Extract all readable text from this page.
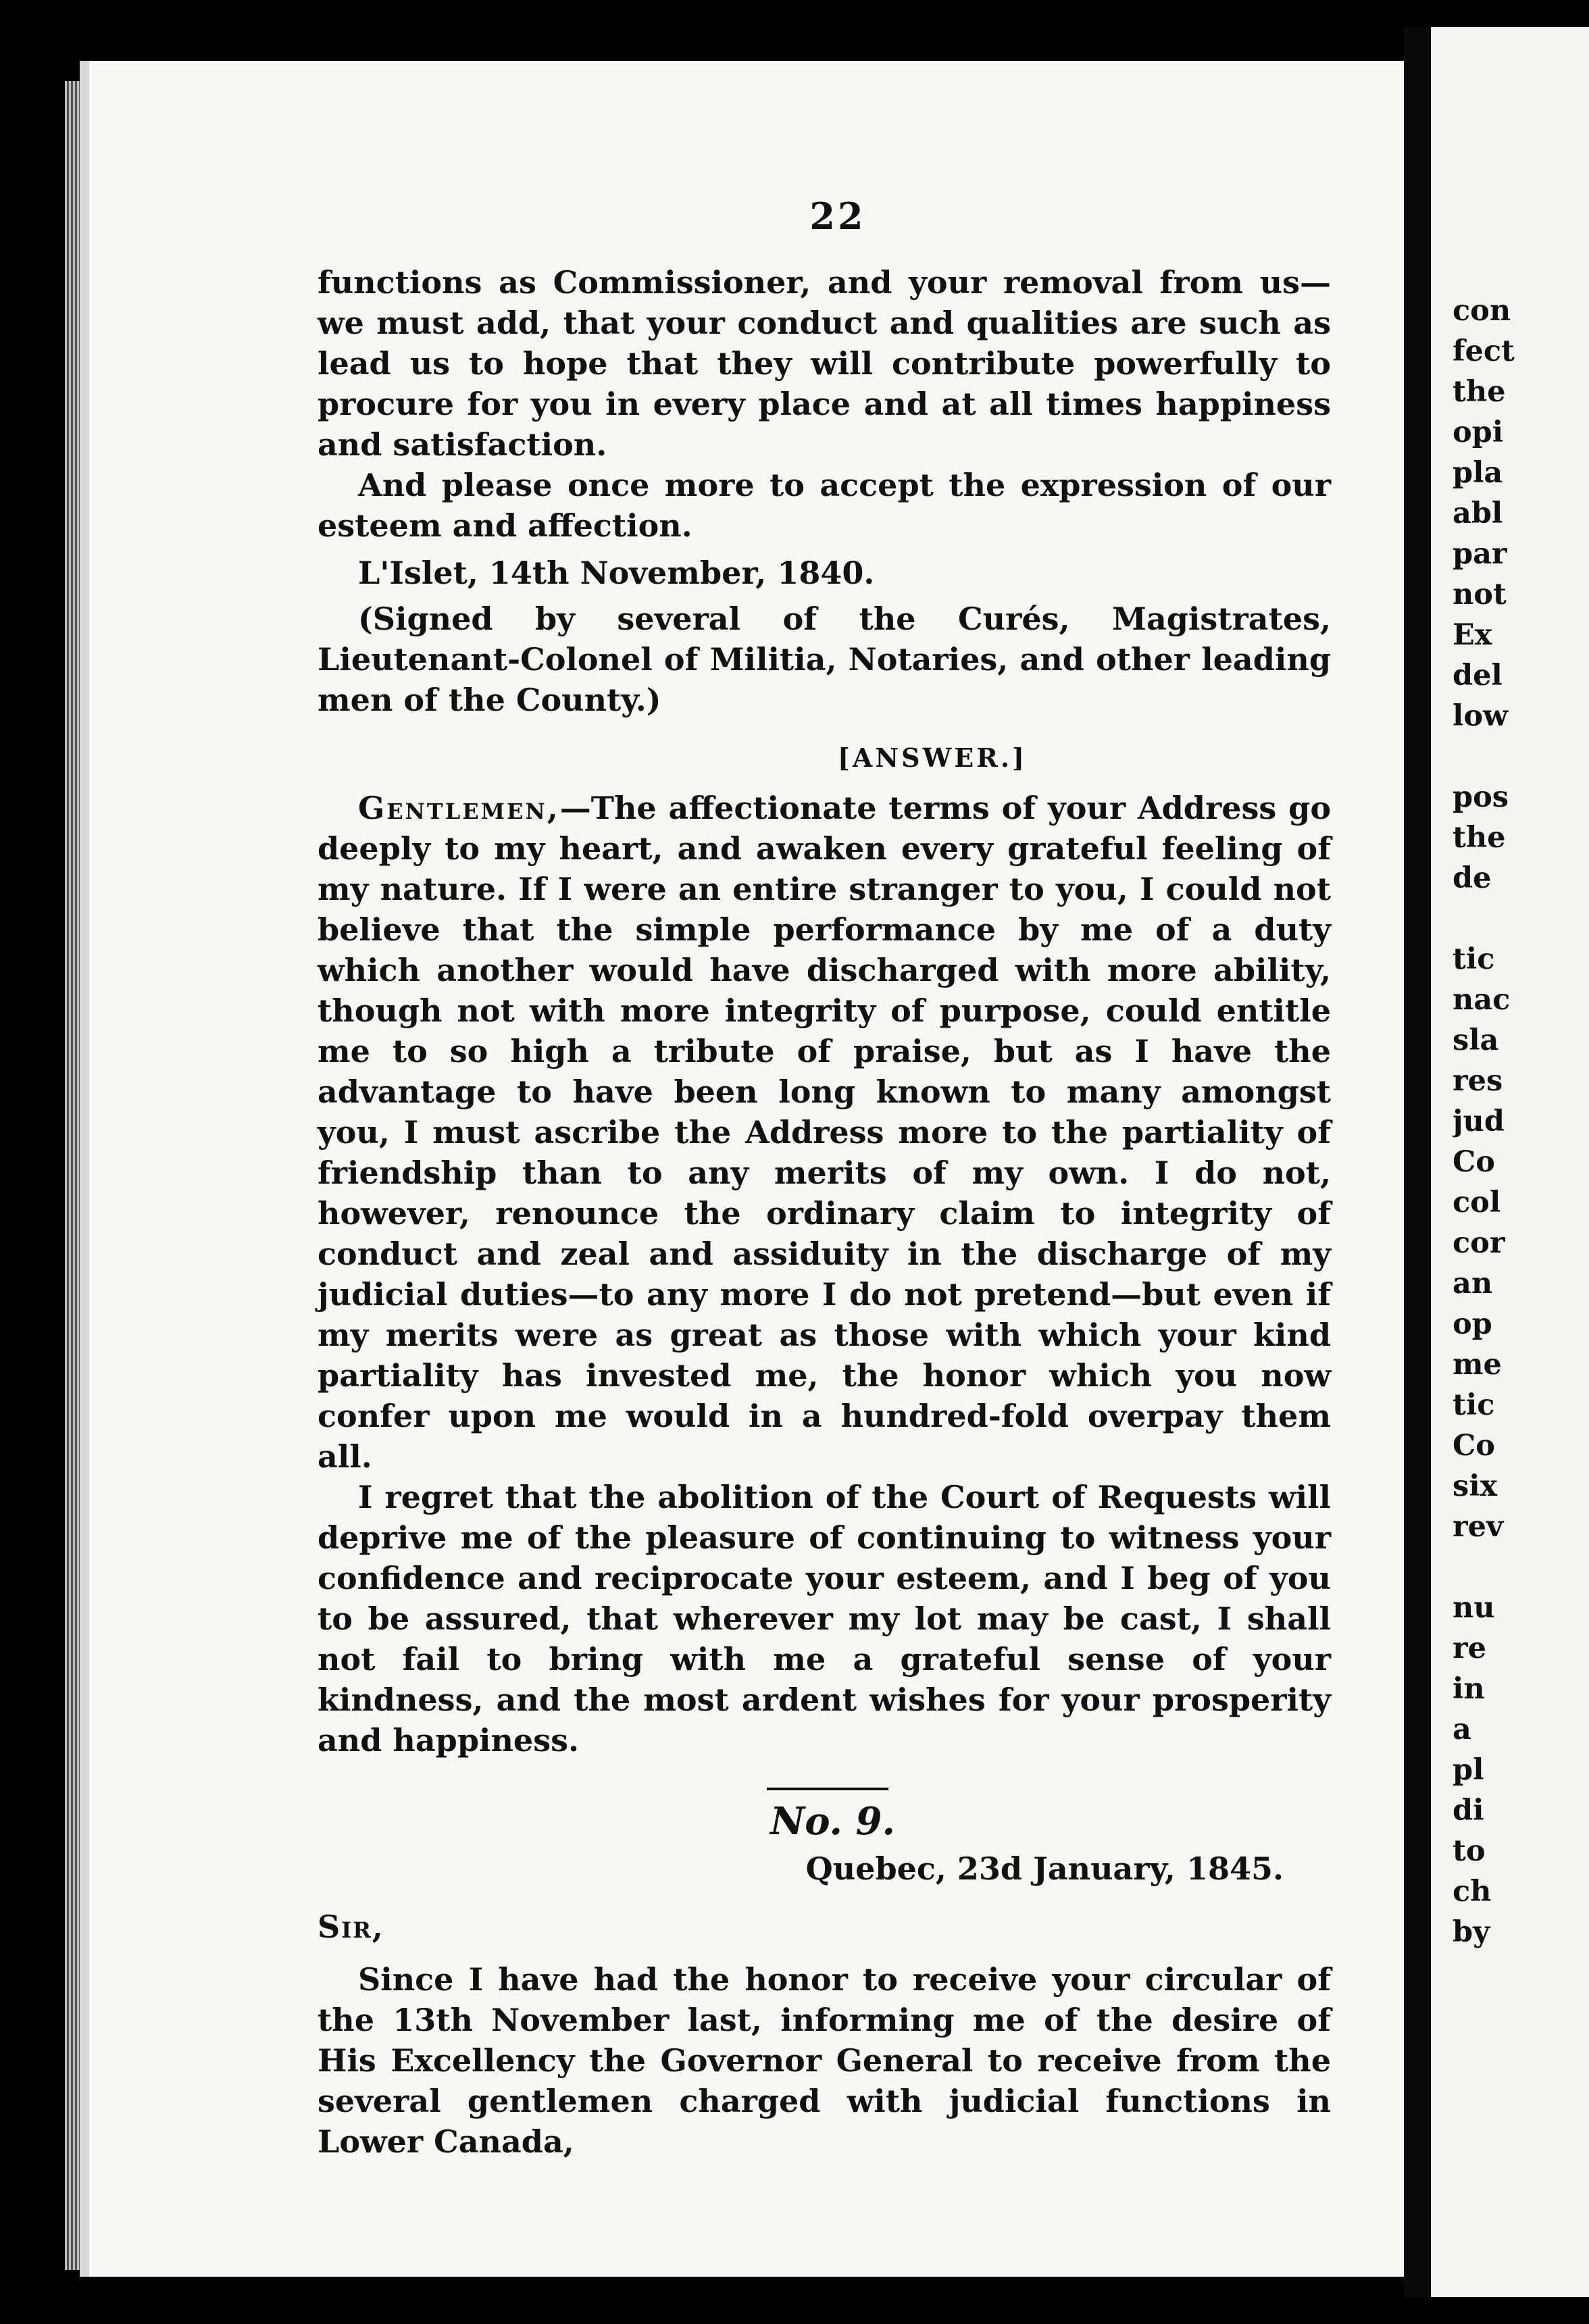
con
fect
the
opi
pla
abl
par
not
Ex
del
low
pos
the
de
tic
nac
sla
res
jud
Co
col
cor
an
op
me
tic
Co
six
rev
nu
re
in
a
pl
di
to
ch
by
22

functions as Commissioner, and your removal from us—we must add, that your conduct and qualities are such as lead us to hope that they will contribute powerfully to procure for you in every place and at all times happiness and satisfaction.

And please once more to accept the expression of our esteem and affection.

L'Islet, 14th November, 1840.

(Signed by several of the Curés, Magistrates, Lieutenant-Colonel of Militia, Notaries, and other leading men of the County.)

[ANSWER.]

Gentlemen,—The affectionate terms of your Address go deeply to my heart, and awaken every grateful feeling of my nature. If I were an entire stranger to you, I could not believe that the simple performance by me of a duty which another would have discharged with more ability, though not with more integrity of purpose, could entitle me to so high a tribute of praise, but as I have the advantage to have been long known to many amongst you, I must ascribe the Address more to the partiality of friendship than to any merits of my own. I do not, however, renounce the ordinary claim to integrity of conduct and zeal and assiduity in the discharge of my judicial duties—to any more I do not pretend—but even if my merits were as great as those with which your kind partiality has invested me, the honor which you now confer upon me would in a hundred-fold overpay them all.

I regret that the abolition of the Court of Requests will deprive me of the pleasure of continuing to witness your confidence and reciprocate your esteem, and I beg of you to be assured, that wherever my lot may be cast, I shall not fail to bring with me a grateful sense of your kindness, and the most ardent wishes for your prosperity and happiness.

No. 9.

Quebec, 23d January, 1845.

Sir,

Since I have had the honor to receive your circular of the 13th November last, informing me of the desire of His Excellency the Governor General to receive from the several gentlemen charged with judicial functions in Lower Canada,
